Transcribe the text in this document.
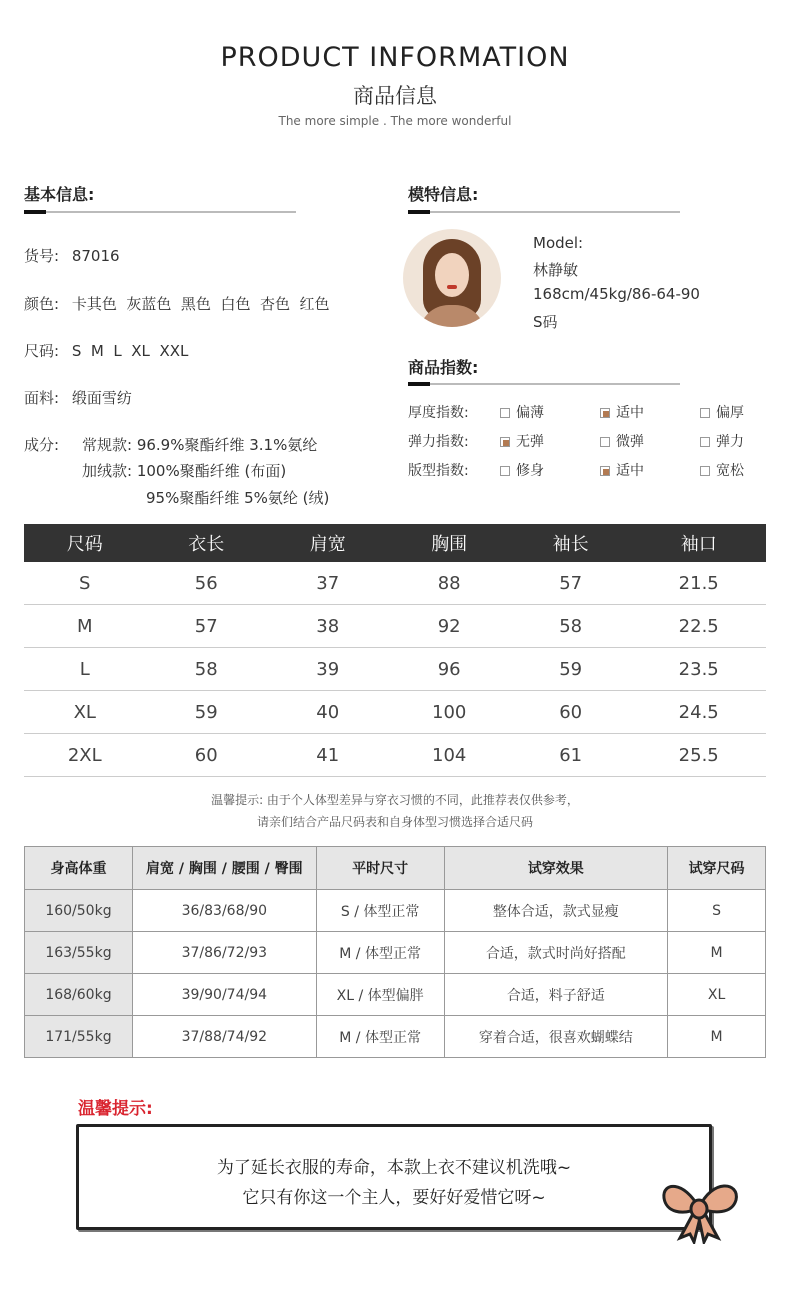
PRODUCT INFORMATION
商品信息
The more simple . The more wonderful
基本信息:
货号: 87016
颜色: 卡其色  灰蓝色  黑色  白色  杏色  红色
尺码: S  M  L  XL  XXL
面料: 缎面雪纺
成分: 常规款: 96.9%聚酯纤维 3.1%氨纶
加绒款: 100%聚酯纤维 (布面)
95%聚酯纤维 5%氨纶 (绒)
模特信息:
Model:
林静敏
168cm/45kg/86-64-90
S码
商品指数:
厚度指数:	偏薄	适中	偏厚
弹力指数:	无弹	微弹	弹力
版型指数:	修身	适中	宽松
尺码	衣长	肩宽	胸围	袖长	袖口
S	56	37	88	57	21.5
M	57	38	92	58	22.5
L	58	39	96	59	23.5
XL	59	40	100	60	24.5
2XL	60	41	104	61	25.5
温馨提示: 由于个人体型差异与穿衣习惯的不同，此推荐表仅供参考，
请亲们结合产品尺码表和自身体型习惯选择合适尺码
身高体重	肩宽 / 胸围 / 腰围 / 臀围	平时尺寸	试穿效果	试穿尺码
160/50kg	36/83/68/90	S / 体型正常	整体合适，款式显瘦	S
163/55kg	37/86/72/93	M / 体型正常	合适，款式时尚好搭配	M
168/60kg	39/90/74/94	XL / 体型偏胖	合适，料子舒适	XL
171/55kg	37/88/74/92	M / 体型正常	穿着合适，很喜欢蝴蝶结	M
温馨提示:
为了延长衣服的寿命，本款上衣不建议机洗哦~
它只有你这一个主人，要好好爱惜它呀~
